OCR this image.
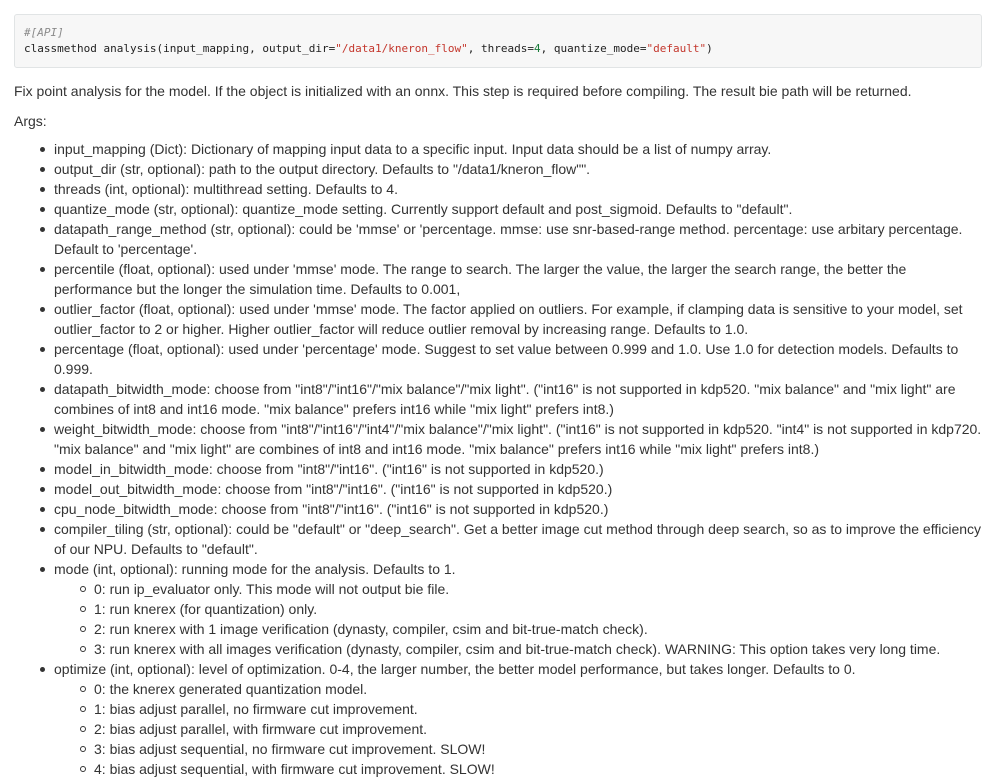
#[API]
classmethod analysis(input_mapping, output_dir="/data1/kneron_flow", threads=4, quantize_mode="default")
Fix point analysis for the model. If the object is initialized with an onnx. This step is required before compiling. The result bie path will be returned.
Args:
input_mapping (Dict): Dictionary of mapping input data to a specific input. Input data should be a list of numpy array.
output_dir (str, optional): path to the output directory. Defaults to "/data1/kneron_flow"".
threads (int, optional): multithread setting. Defaults to 4.
quantize_mode (str, optional): quantize_mode setting. Currently support default and post_sigmoid. Defaults to "default".
datapath_range_method (str, optional): could be 'mmse' or 'percentage. mmse: use snr-based-range method. percentage: use arbitary percentage. Default to 'percentage'.
percentile (float, optional): used under 'mmse' mode. The range to search. The larger the value, the larger the search range, the better the performance but the longer the simulation time. Defaults to 0.001,
outlier_factor (float, optional): used under 'mmse' mode. The factor applied on outliers. For example, if clamping data is sensitive to your model, set outlier_factor to 2 or higher. Higher outlier_factor will reduce outlier removal by increasing range. Defaults to 1.0.
percentage (float, optional): used under 'percentage' mode. Suggest to set value between 0.999 and 1.0. Use 1.0 for detection models. Defaults to 0.999.
datapath_bitwidth_mode: choose from "int8"/"int16"/"mix balance"/"mix light". ("int16" is not supported in kdp520. "mix balance" and "mix light" are combines of int8 and int16 mode. "mix balance" prefers int16 while "mix light" prefers int8.)
weight_bitwidth_mode: choose from "int8"/"int16"/"int4"/"mix balance"/"mix light". ("int16" is not supported in kdp520. "int4" is not supported in kdp720. "mix balance" and "mix light" are combines of int8 and int16 mode. "mix balance" prefers int16 while "mix light" prefers int8.)
model_in_bitwidth_mode: choose from "int8"/"int16". ("int16" is not supported in kdp520.)
model_out_bitwidth_mode: choose from "int8"/"int16". ("int16" is not supported in kdp520.)
cpu_node_bitwidth_mode: choose from "int8"/"int16". ("int16" is not supported in kdp520.)
compiler_tiling (str, optional): could be "default" or "deep_search". Get a better image cut method through deep search, so as to improve the efficiency of our NPU. Defaults to "default".
mode (int, optional): running mode for the analysis. Defaults to 1.
0: run ip_evaluator only. This mode will not output bie file.
1: run knerex (for quantization) only.
2: run knerex with 1 image verification (dynasty, compiler, csim and bit-true-match check).
3: run knerex with all images verification (dynasty, compiler, csim and bit-true-match check). WARNING: This option takes very long time.
optimize (int, optional): level of optimization. 0-4, the larger number, the better model performance, but takes longer. Defaults to 0.
0: the knerex generated quantization model.
1: bias adjust parallel, no firmware cut improvement.
2: bias adjust parallel, with firmware cut improvement.
3: bias adjust sequential, no firmware cut improvement. SLOW!
4: bias adjust sequential, with firmware cut improvement. SLOW!
